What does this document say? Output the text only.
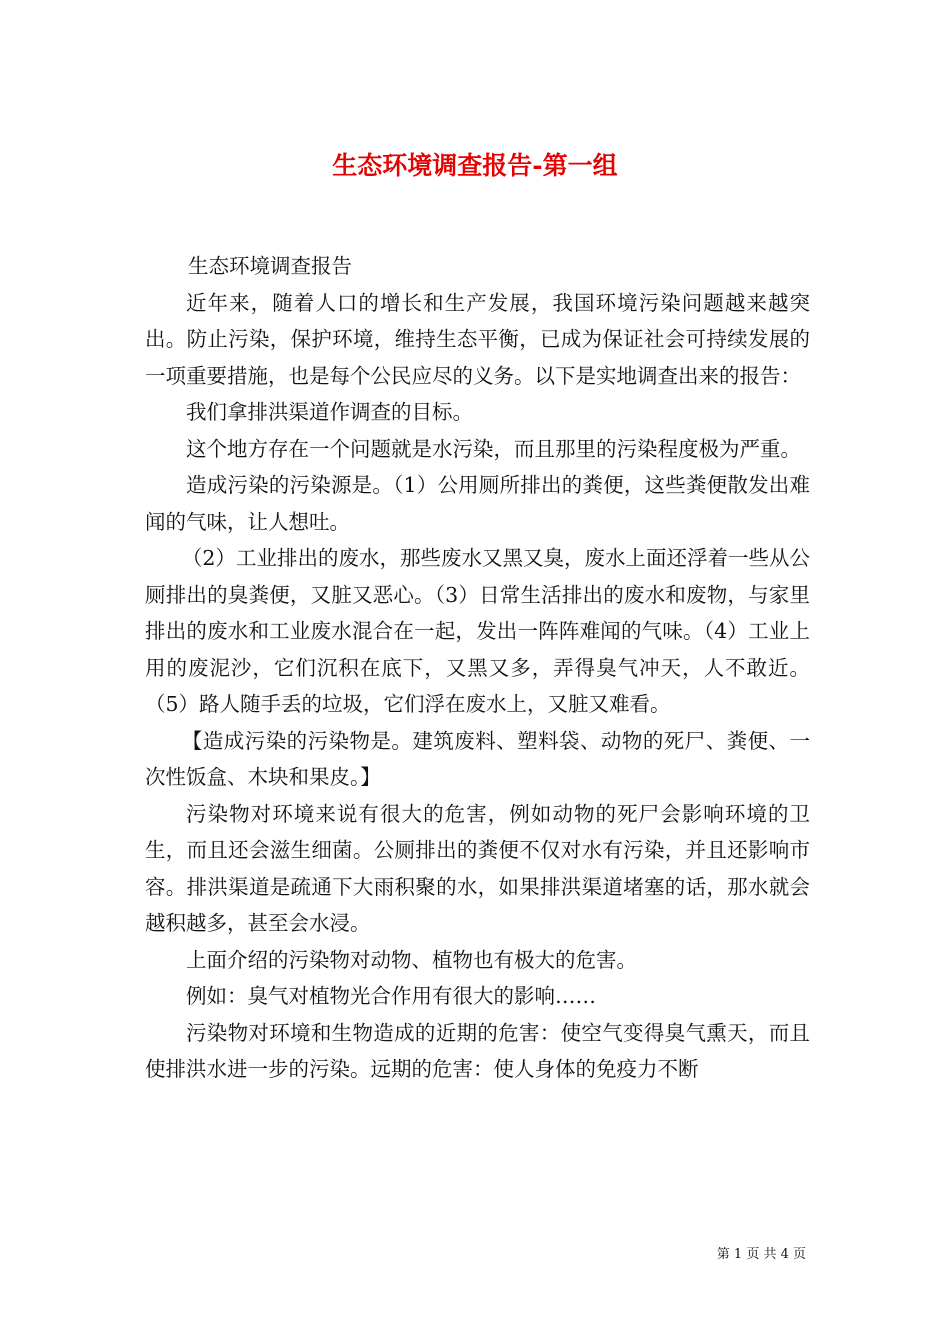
生态环境调查报告-第一组

生态环境调查报告

近年来，随着人口的增长和生产发展，我国环境污染问题越来越突出。防止污染，保护环境，维持生态平衡，已成为保证社会可持续发展的一项重要措施，也是每个公民应尽的义务。以下是实地调查出来的报告：

我们拿排洪渠道作调查的目标。

这个地方存在一个问题就是水污染，而且那里的污染程度极为严重。

造成污染的污染源是。（1）公用厕所排出的粪便，这些粪便散发出难闻的气味，让人想吐。

（2）工业排出的废水，那些废水又黑又臭，废水上面还浮着一些从公厕排出的臭粪便，又脏又恶心。（3）日常生活排出的废水和废物，与家里排出的废水和工业废水混合在一起，发出一阵阵难闻的气味。（4）工业上用的废泥沙，它们沉积在底下，又黑又多，弄得臭气冲天，人不敢近。（5）路人随手丢的垃圾，它们浮在废水上，又脏又难看。

【造成污染的污染物是。建筑废料、塑料袋、动物的死尸、粪便、一次性饭盒、木块和果皮。】

污染物对环境来说有很大的危害，例如动物的死尸会影响环境的卫生，而且还会滋生细菌。公厕排出的粪便不仅对水有污染，并且还影响市容。排洪渠道是疏通下大雨积聚的水，如果排洪渠道堵塞的话，那水就会越积越多，甚至会水浸。

上面介绍的污染物对动物、植物也有极大的危害。

例如：臭气对植物光合作用有很大的影响……

污染物对环境和生物造成的近期的危害：使空气变得臭气熏天，而且使排洪水进一步的污染。远期的危害：使人身体的免疫力不断

第 1 页 共 4 页
